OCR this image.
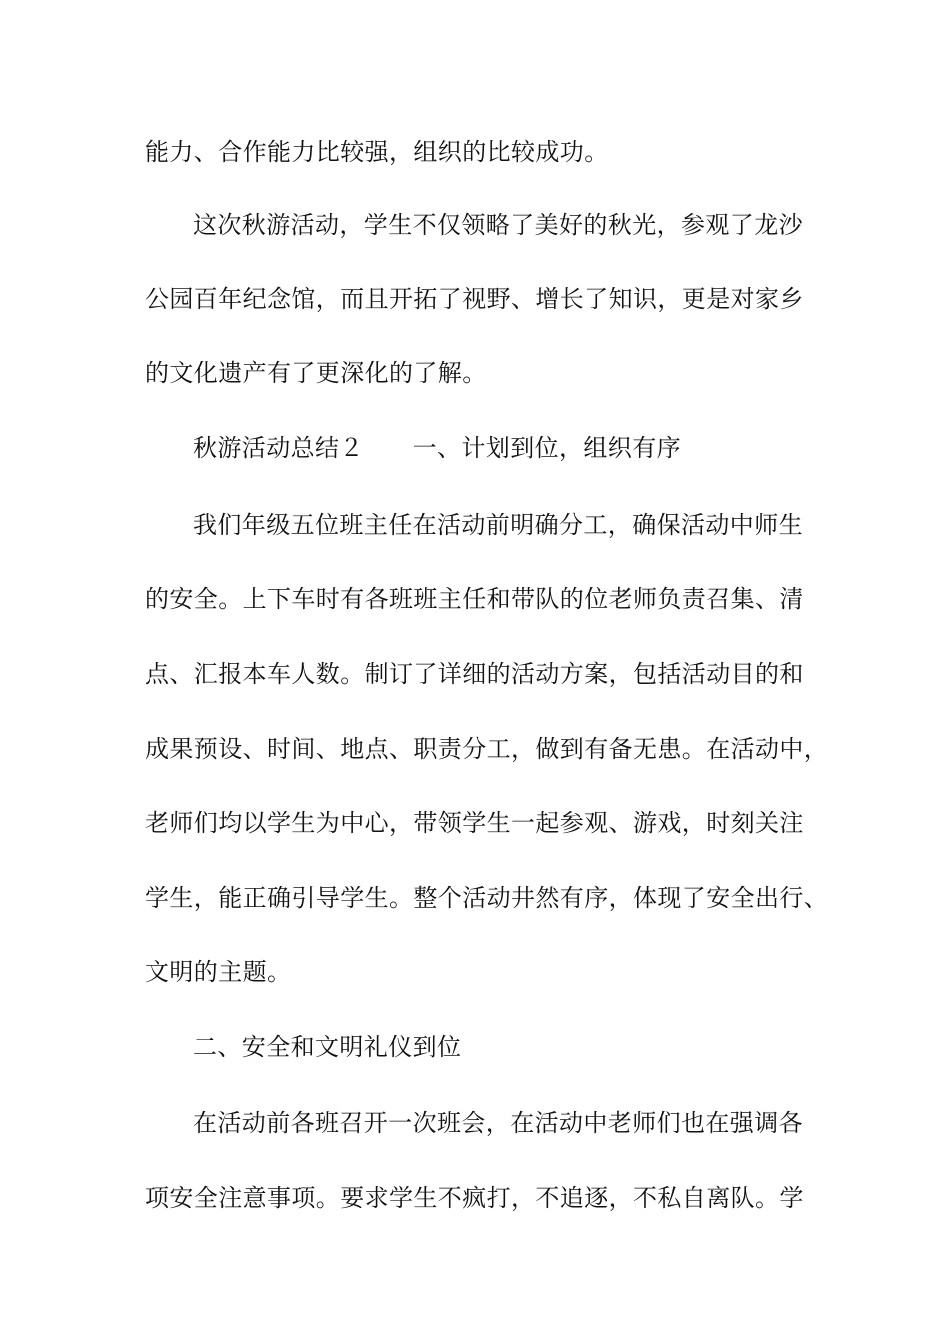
能力、合作能力比较强，组织的比较成功。
这次秋游活动，学生不仅领略了美好的秋光，参观了龙沙
公园百年纪念馆，而且开拓了视野、增长了知识，更是对家乡
的文化遗产有了更深化的了解。
秋游活动总结２　　一、计划到位，组织有序
我们年级五位班主任在活动前明确分工，确保活动中师生
的安全。上下车时有各班班主任和带队的位老师负责召集、清
点、汇报本车人数。制订了详细的活动方案，包括活动目的和
成果预设、时间、地点、职责分工，做到有备无患。在活动中，
老师们均以学生为中心，带领学生一起参观、游戏，时刻关注
学生，能正确引导学生。整个活动井然有序，体现了安全出行、
文明的主题。
二、安全和文明礼仪到位
在活动前各班召开一次班会，在活动中老师们也在强调各
项安全注意事项。要求学生不疯打，不追逐，不私自离队。学
